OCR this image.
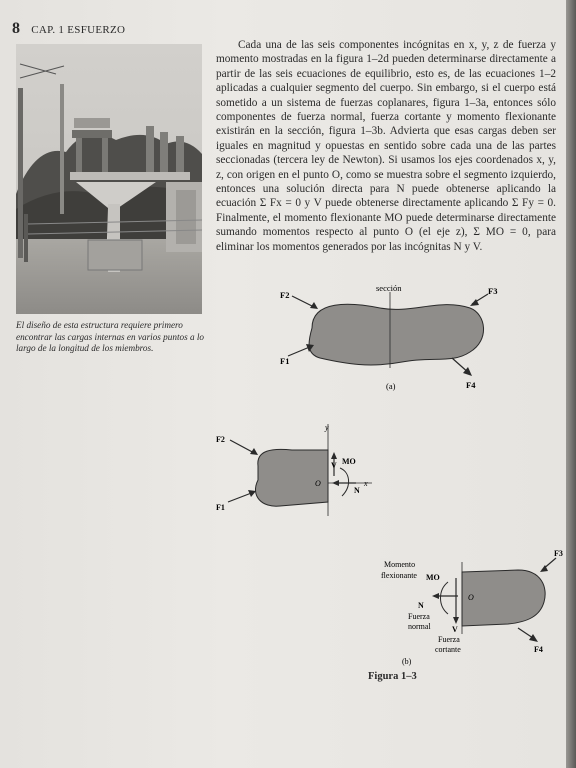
8 CAP. 1 ESFUERZO

El diseño de esta estructura requiere primero encontrar las cargas internas en varios puntos a lo largo de la longitud de los miembros.

Cada una de las seis componentes incógnitas en x, y, z de fuerza y momento mostradas en la figura 1–2d pueden determinarse directamente a partir de las seis ecuaciones de equilibrio, esto es, de las ecuaciones 1–2 aplicadas a cualquier segmento del cuerpo. Sin embargo, si el cuerpo está sometido a un sistema de fuerzas coplanares, figura 1–3a, entonces sólo componentes de fuerza normal, fuerza cortante y momento flexionante existirán en la sección, figura 1–3b. Advierta que esas cargas deben ser iguales en magnitud y opuestas en sentido sobre cada una de las partes seccionadas (tercera ley de Newton). Si usamos los ejes coordenados x, y, z, con origen en el punto O, como se muestra sobre el segmento izquierdo, entonces una solución directa para N puede obtenerse aplicando la ecuación Σ Fx = 0 y V puede obtenerse directamente aplicando Σ Fy = 0. Finalmente, el momento flexionante MO puede determinarse directamente sumando momentos respecto al punto O (el eje z), Σ MO = 0, para eliminar los momentos generados por las incógnitas N y V.

sección
F2
F1
F3
F4
(a)
y
x
O
V
N
MO
F2
F1
O
V
N
MO
Momento
flexionante
Fuerza
normal
Fuerza
cortante
F3
F4
(b)
Figura 1–3
